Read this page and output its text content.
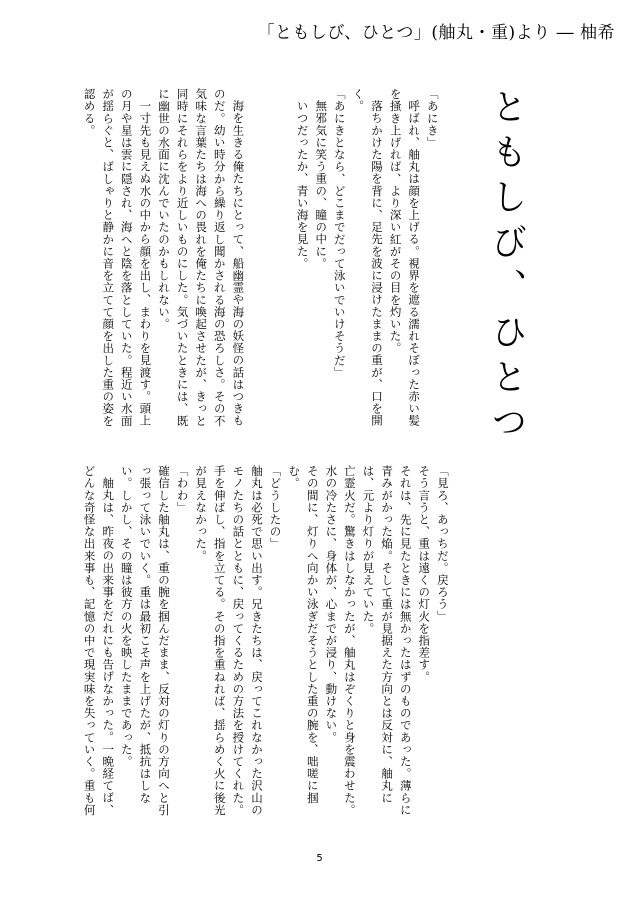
「ともしび、ひとつ」(舳丸・重)より ― 柚希
ともしび、ひとつ

「あにき」

呼ばれ、舳丸は顔を上げる。視界を遮る濡れそぼった赤い髪を掻き上げれば、より深い紅がその目を灼いた。

落ちかけた陽を背に、足先を波に浸けたままの重が、口を開く。

「あにきとなら、どこまでだって泳いでいけそうだ」

無邪気に笑う重の、瞳の中に。

いつだったか、青い海を見た。

海を生きる俺たちにとって、船幽霊や海の妖怪の話はつきものだ。幼い時分から繰り返し聞かされる海の恐ろしさ。その不気味な言葉たちは海への畏れを俺たちに喚起させたが、きっと同時にそれらをより近しいものにした。気づいたときには、既に幽世の水面に沈んでいたのかもしれない。

一寸先も見えぬ水の中から顔を出し、まわりを見渡す。頭上の月や星は雲に隠され、海へと陰を落としていた。程近い水面が揺らぐと、ばしゃりと静かに音を立てて顔を出した重の姿を認める。

「見ろ、あっちだ。戻ろう」

そう言うと、重は遠くの灯火を指差す。

それは、先に見たときには無かったはずのものであった。薄らに青みがかった焔。そして重が見据えた方向とは反対に、舳丸には、元より灯りが見えていた。

亡霊火だ。驚きはしなかったが、舳丸はぞくりと身を震わせた。水の冷たさに、身体が、心までが浸り、動けない。

その間に、灯りへ向かい泳ぎだそうとした重の腕を、咄嗟に掴む。

「どうしたの」

舳丸は必死で思い出す。兄きたちは、戻ってこれなかった沢山のモノたちの話とともに、戻ってくるための方法を授けてくれた。手を伸ばし、指を立てる。その指を重ねれば、揺らめく火に後光が見えなかった。

「わわ」

確信した舳丸は、重の腕を掴んだまま、反対の灯りの方向へと引っ張って泳いでいく。重は最初こそ声を上げたが、抵抗はしない。しかし、その瞳は彼方の火を映したままであった。

舳丸は、昨夜の出来事をだれにも告げなかった。一晩経てば、どんな奇怪な出来事も、記憶の中で現実味を失っていく。重も何

5
